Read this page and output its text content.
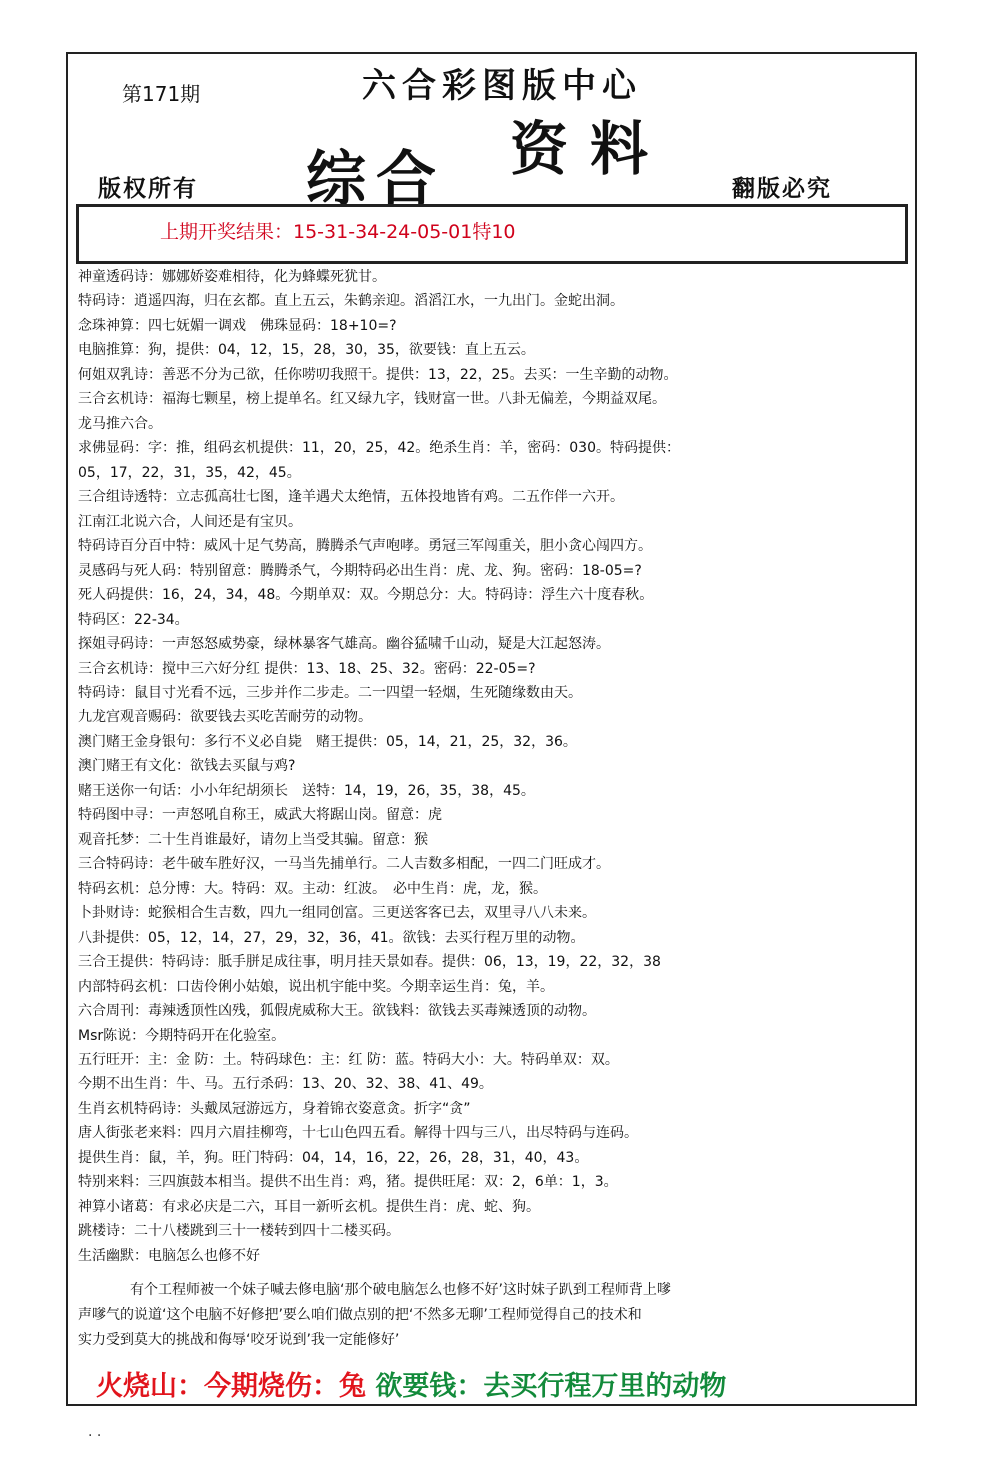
第171期	六合彩图版中心
资料
综合
版权所有	翻版必究
上期开奖结果：15-31-34-24-05-01特10
神童透码诗：娜娜娇姿难相待，化为蜂蝶死犹甘。
特码诗：逍遥四海，归在玄都。直上五云，朱鹤亲迎。滔滔江水，一九出门。金蛇出洞。
念珠神算：四七妩媚一调戏　佛珠显码：18+10=?
电脑推算：狗，提供：04，12，15，28，30，35，欲要钱：直上五云。
何姐双乳诗：善恶不分为己欲，任你唠叨我照干。提供：13，22，25。去买：一生辛勤的动物。
三合玄机诗：福海七颗星，榜上提单名。红又绿九字，钱财富一世。八卦无偏差，今期益双尾。
龙马推六合。
求佛显码：字：推，组码玄机提供：11，20，25，42。绝杀生肖：羊，密码：030。特码提供：
05，17，22，31，35，42，45。
三合组诗透特：立志孤高壮七图，逢羊遇犬太绝情，五体投地皆有鸡。二五作伴一六开。
江南江北说六合，人间还是有宝贝。
特码诗百分百中特：威风十足气势高，腾腾杀气声咆哮。勇冠三军闯重关，胆小贪心闯四方。
灵感码与死人码：特别留意：腾腾杀气，今期特码必出生肖：虎、龙、狗。密码：18-05=?
死人码提供：16，24，34，48。今期单双：双。今期总分：大。特码诗：浮生六十度春秋。
特码区：22-34。
探姐寻码诗：一声怒怒威势豪，绿林暴客气雄高。幽谷猛啸千山动，疑是大江起怒涛。
三合玄机诗：搅中三六好分红 提供：13、18、25、32。密码：22-05=?
特码诗：鼠目寸光看不远，三步并作二步走。二一四望一轻烟，生死随缘数由天。
九龙宫观音赐码：欲要钱去买吃苦耐劳的动物。
澳门赌王金身银句：多行不义必自毙　赌王提供：05，14，21，25，32，36。
澳门赌王有文化：欲钱去买鼠与鸡?
赌王送你一句话：小小年纪胡须长　送特：14，19，26，35，38，45。
特码图中寻：一声怒吼自称王，威武大将踞山岗。留意：虎
观音托梦：二十生肖谁最好，请勿上当受其骗。留意：猴
三合特码诗：老牛破车胜好汉，一马当先捕单行。二人吉数多相配，一四二门旺成才。
特码玄机：总分博：大。特码：双。主动：红波。　必中生肖：虎，龙，猴。
卜卦财诗：蛇猴相合生吉数，四九一组同创富。三更送客客已去，双里寻八八未来。
八卦提供：05，12，14，27，29，32，36，41。欲钱：去买行程万里的动物。
三合王提供：特码诗：胝手胼足成往事，明月挂天景如春。提供：06，13，19，22，32，38
内部特码玄机：口齿伶俐小姑娘，说出机宇能中奖。今期幸运生肖：兔，羊。
六合周刊：毒辣透顶性凶残，狐假虎威称大王。欲钱料：欲钱去买毒辣透顶的动物。
Msr陈说：今期特码开在化验室。
五行旺开：主：金 防：土。特码球色：主：红 防：蓝。特码大小：大。特码单双：双。
今期不出生肖：牛、马。五行杀码：13、20、32、38、41、49。
生肖玄机特码诗：头戴凤冠游远方，身着锦衣姿意贪。折字“贪”
唐人街张老来料：四月六眉挂柳弯，十七山色四五看。解得十四与三八，出尽特码与连码。
提供生肖：鼠，羊，狗。旺门特码：04，14，16，22，26，28，31，40，43。
特别来料：三四旗鼓本相当。提供不出生肖：鸡，猪。提供旺尾：双：2，6单：1，3。
神算小诸葛：有求必庆是二六，耳目一新听玄机。提供生肖：虎、蛇、狗。
跳楼诗：二十八楼跳到三十一楼转到四十二楼买码。
生活幽默：电脑怎么也修不好
有个工程师被一个妹子喊去修电脑‘那个破电脑怎么也修不好’这时妹子趴到工程师背上嗲
声嗲气的说道‘这个电脑不好修把’要么咱们做点别的把‘不然多无聊’工程师觉得自己的技术和
实力受到莫大的挑战和侮辱‘咬牙说到’我一定能修好’
火烧山：今期烧伤：兔 欲要钱：去买行程万里的动物
. .
